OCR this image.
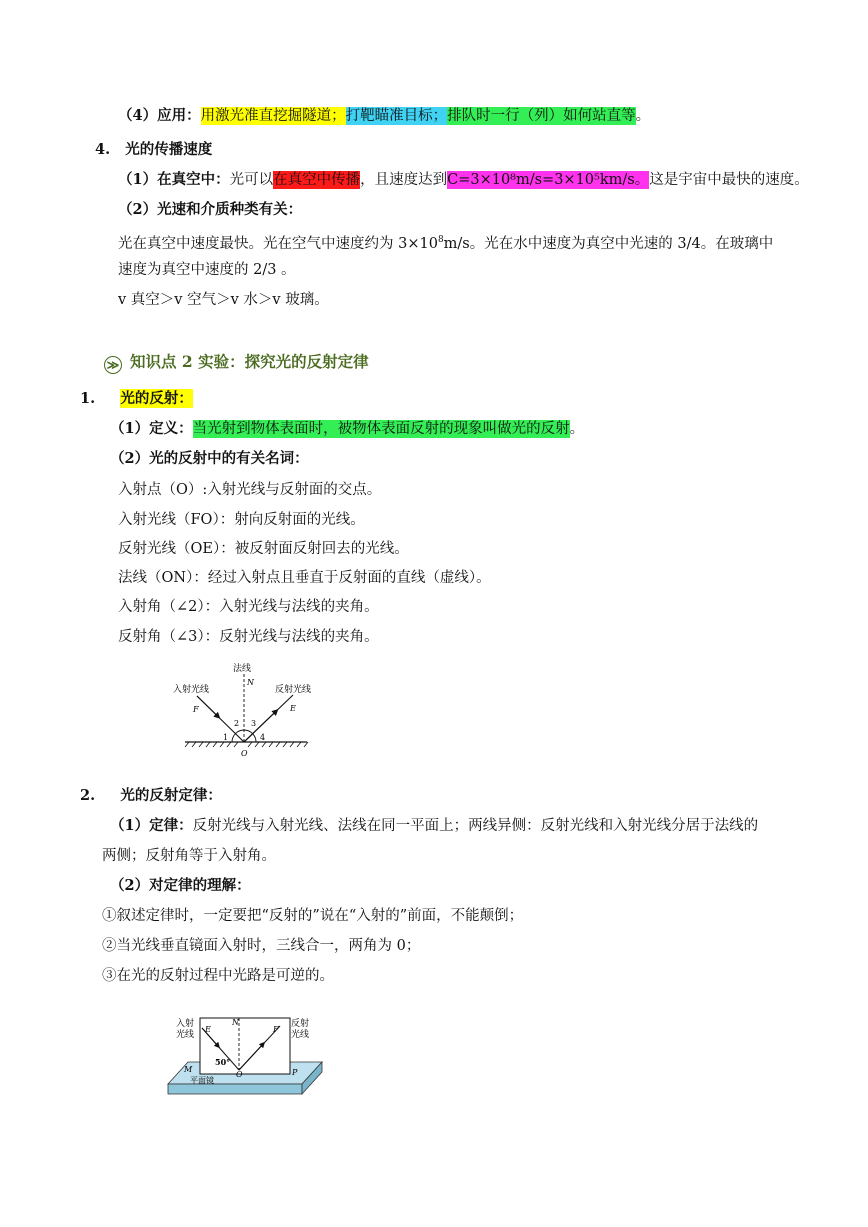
（4）应用：用激光准直挖掘隧道；打靶瞄准目标；排队时一行（列）如何站直等。
4. 光的传播速度
（1）在真空中：光可以在真空中传播，且速度达到C=3×10⁸m/s=3×10⁵km/s。这是宇宙中最快的速度。
（2）光速和介质种类有关：
光在真空中速度最快。光在空气中速度约为 $3\times 10^8m/s$。光在水中速度为真空中光速的 3/4。在玻璃中
速度为真空中速度的 2/3 。
v 真空＞v 空气＞v 水＞v 玻璃。
≫ 知识点 2 实验：探究光的反射定律
1. 光的反射：
（1）定义：当光射到物体表面时，被物体表面反射的现象叫做光的反射。
（2）光的反射中的有关名词：
入射点（O）:入射光线与反射面的交点。
入射光线（FO）：射向反射面的光线。
反射光线（OE）：被反射面反射回去的光线。
法线（ON）：经过入射点且垂直于反射面的直线（虚线）。
入射角（∠2）：入射光线与法线的夹角。
反射角（∠3）：反射光线与法线的夹角。
法线
入射光线	反射光线
N
F	E
O
1
2 3
4
2. 光的反射定律：
（1）定律：反射光线与入射光线、法线在同一平面上；两线异侧：反射光线和入射光线分居于法线的
两侧；反射角等于入射角。
（2）对定律的理解：
①叙述定律时，一定要把“反射的”说在“入射的”前面，不能颠倒；
②当光线垂直镜面入射时，三线合一，两角为 0；
③在光的反射过程中光路是可逆的。
入射
光线
反射
光线
E
N
F
50°
M
O	P
平面镜
